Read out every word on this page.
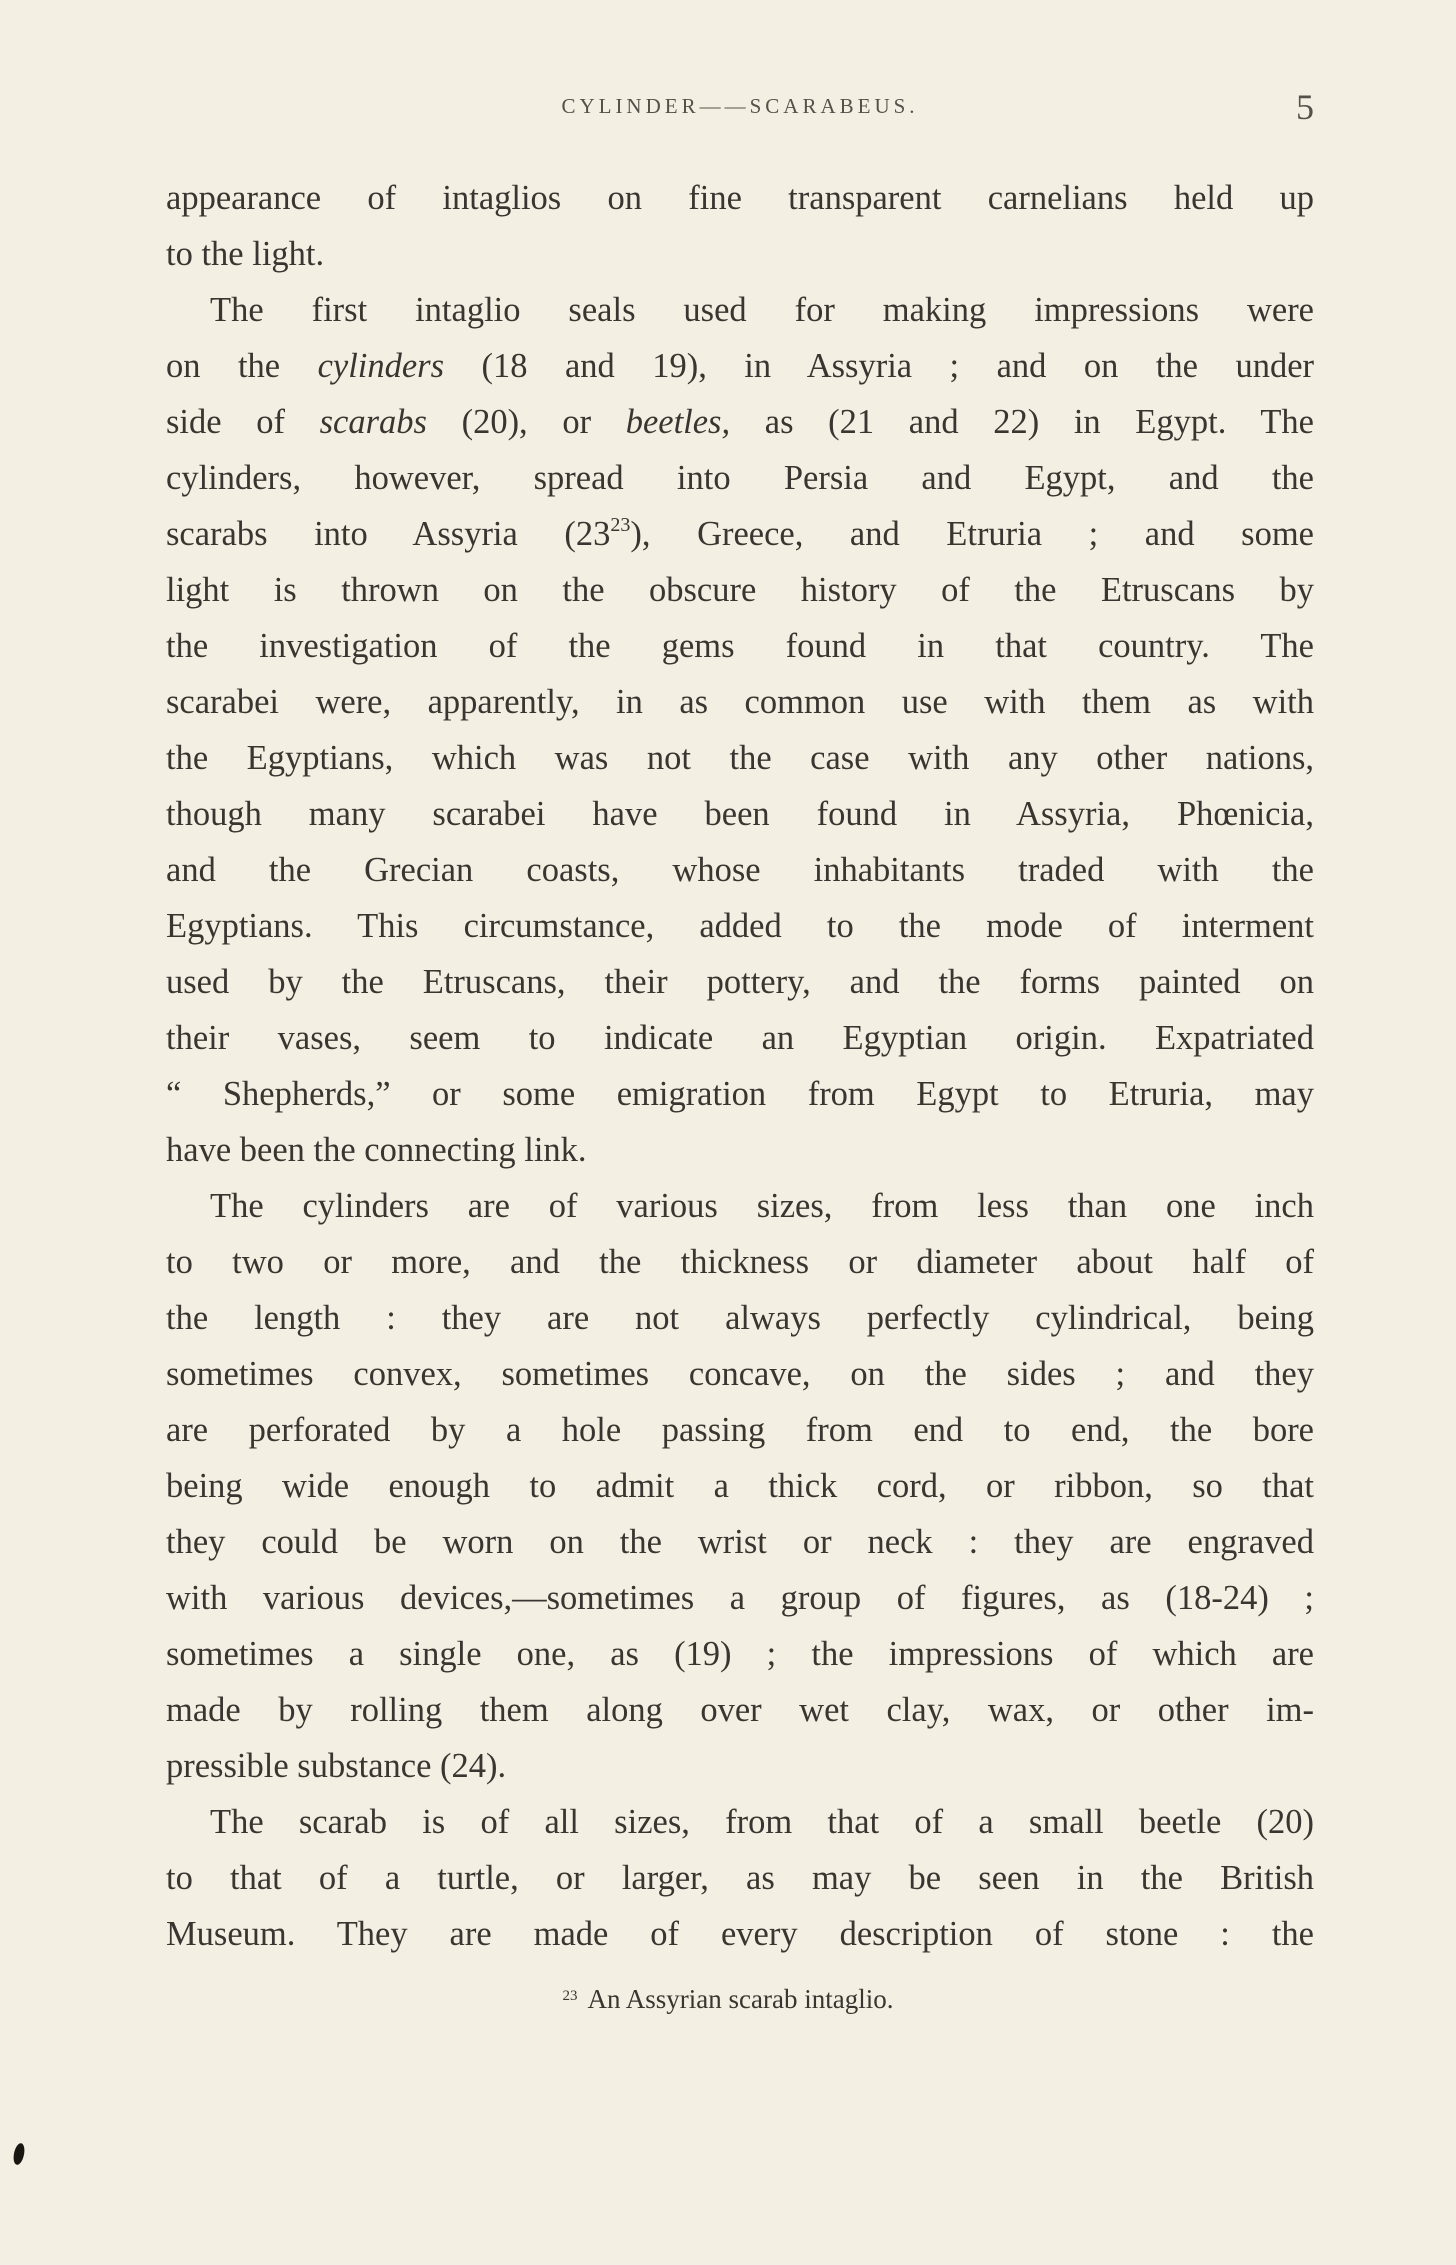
CYLINDER——SCARABEUS.	5

appearance of intaglios on fine transparent carnelians held up
to the light.

The first intaglio seals used for making impressions were
on the cylinders (18 and 19), in Assyria ; and on the under
side of scarabs (20), or beetles, as (21 and 22) in Egypt. The
cylinders, however, spread into Persia and Egypt, and the
scarabs into Assyria (23$^{23}$), Greece, and Etruria ; and some
light is thrown on the obscure history of the Etruscans by
the investigation of the gems found in that country. The
scarabei were, apparently, in as common use with them as with
the Egyptians, which was not the case with any other nations,
though many scarabei have been found in Assyria, Phœnicia,
and the Grecian coasts, whose inhabitants traded with the
Egyptians. This circumstance, added to the mode of interment
used by the Etruscans, their pottery, and the forms painted on
their vases, seem to indicate an Egyptian origin. Expatriated
“ Shepherds,” or some emigration from Egypt to Etruria, may
have been the connecting link.

The cylinders are of various sizes, from less than one inch
to two or more, and the thickness or diameter about half of
the length : they are not always perfectly cylindrical, being
sometimes convex, sometimes concave, on the sides ; and they
are perforated by a hole passing from end to end, the bore
being wide enough to admit a thick cord, or ribbon, so that
they could be worn on the wrist or neck : they are engraved
with various devices,—sometimes a group of figures, as (18-24) ;
sometimes a single one, as (19) ; the impressions of which are
made by rolling them along over wet clay, wax, or other im-
pressible substance (24).

The scarab is of all sizes, from that of a small beetle (20)
to that of a turtle, or larger, as may be seen in the British
Museum. They are made of every description of stone : the

$^{23}$ An Assyrian scarab intaglio.
